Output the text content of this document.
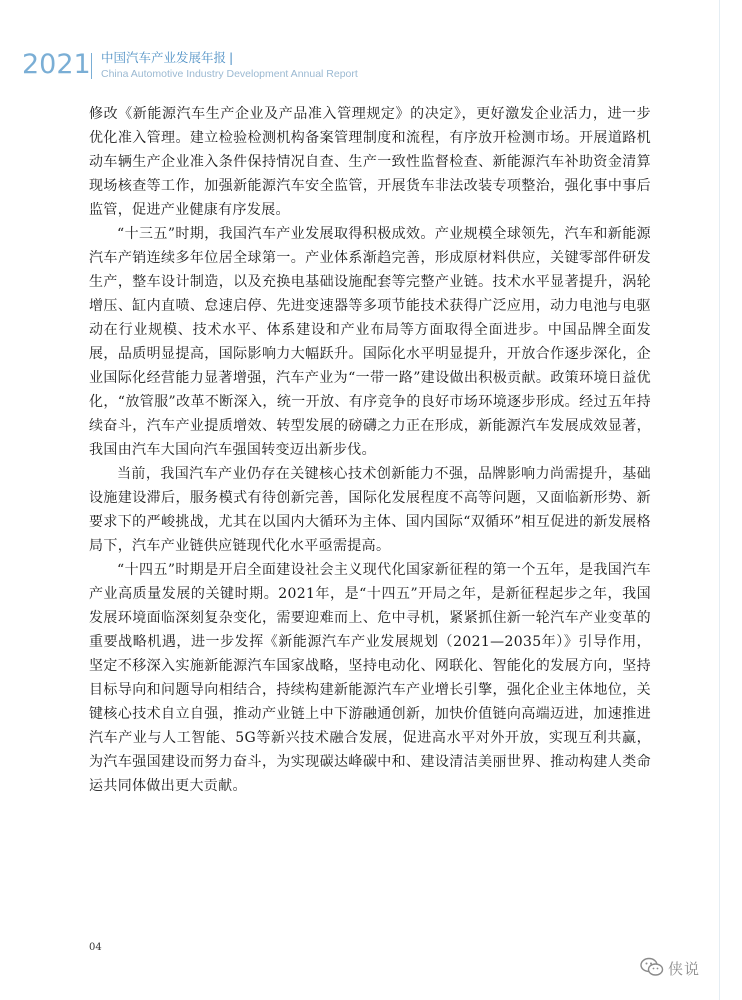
2021 中国汽车产业发展年报 |
China Automotive Industry Development Annual Report

修改《新能源汽车生产企业及产品准入管理规定》的决定》，更好激发企业活力，进一步优化准入管理。建立检验检测机构备案管理制度和流程，有序放开检测市场。开展道路机动车辆生产企业准入条件保持情况自查、生产一致性监督检查、新能源汽车补助资金清算现场核查等工作，加强新能源汽车安全监管，开展货车非法改装专项整治，强化事中事后监管，促进产业健康有序发展。

“十三五”时期，我国汽车产业发展取得积极成效。产业规模全球领先，汽车和新能源汽车产销连续多年位居全球第一。产业体系渐趋完善，形成原材料供应，关键零部件研发生产，整车设计制造，以及充换电基础设施配套等完整产业链。技术水平显著提升，涡轮增压、缸内直喷、怠速启停、先进变速器等多项节能技术获得广泛应用，动力电池与电驱动在行业规模、技术水平、体系建设和产业布局等方面取得全面进步。中国品牌全面发展，品质明显提高，国际影响力大幅跃升。国际化水平明显提升，开放合作逐步深化，企业国际化经营能力显著增强，汽车产业为“一带一路”建设做出积极贡献。政策环境日益优化，“放管服”改革不断深入，统一开放、有序竞争的良好市场环境逐步形成。经过五年持续奋斗，汽车产业提质增效、转型发展的磅礴之力正在形成，新能源汽车发展成效显著，我国由汽车大国向汽车强国转变迈出新步伐。

当前，我国汽车产业仍存在关键核心技术创新能力不强，品牌影响力尚需提升，基础设施建设滞后，服务模式有待创新完善，国际化发展程度不高等问题，又面临新形势、新要求下的严峻挑战，尤其在以国内大循环为主体、国内国际“双循环”相互促进的新发展格局下，汽车产业链供应链现代化水平亟需提高。

“十四五”时期是开启全面建设社会主义现代化国家新征程的第一个五年，是我国汽车产业高质量发展的关键时期。2021年，是“十四五”开局之年，是新征程起步之年，我国发展环境面临深刻复杂变化，需要迎难而上、危中寻机，紧紧抓住新一轮汽车产业变革的重要战略机遇，进一步发挥《新能源汽车产业发展规划（2021—2035年）》引导作用，坚定不移深入实施新能源汽车国家战略，坚持电动化、网联化、智能化的发展方向，坚持目标导向和问题导向相结合，持续构建新能源汽车产业增长引擎，强化企业主体地位，关键核心技术自立自强，推动产业链上中下游融通创新，加快价值链向高端迈进，加速推进汽车产业与人工智能、5G等新兴技术融合发展，促进高水平对外开放，实现互利共赢，为汽车强国建设而努力奋斗，为实现碳达峰碳中和、建设清洁美丽世界、推动构建人类命运共同体做出更大贡献。

04
侠说
